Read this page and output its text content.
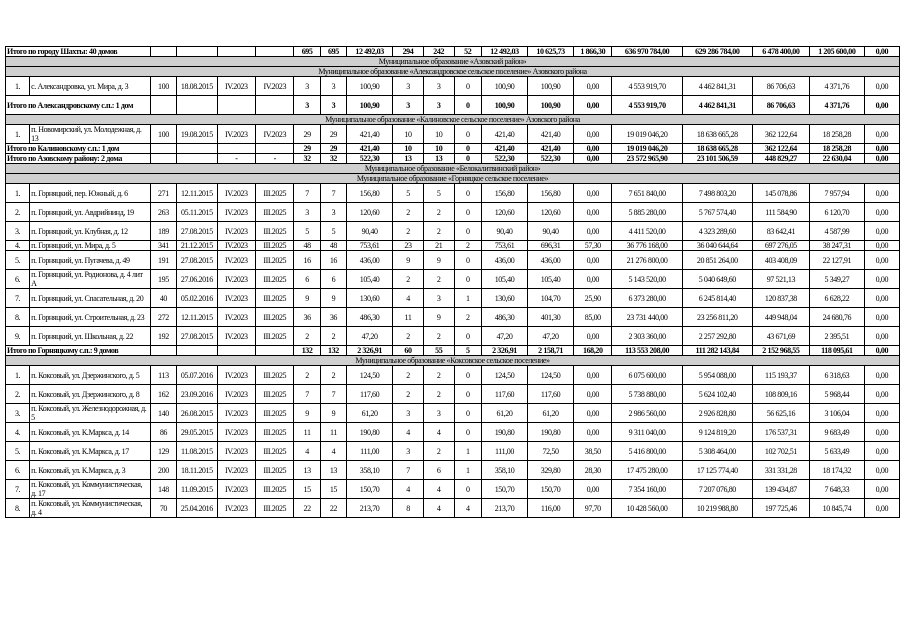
Итого по городу Шахты: 40 домов						695	695	12 492,03	294	242	52	12 492,03	10 625,73	1 866,30	636 970 784,00	629 286 784,00	6 478 400,00	1 205 600,00	0,00
Муниципальное образование «Азовский район»																			
Муниципальное образование «Александровское сельское поселение» Азовского района																			
1.	с. Александровка, ул. Мира, д. 3	100	18.08.2015	IV.2023	IV.2023	3	3	100,90	3	3	0	100,90	100,90	0,00	4 553 919,70	4 462 841,31	86 706,63	4 371,76	0,00
Итого по Александровскому с.п.: 1 дом						3	3	100,90	3	3	0	100,90	100,90	0,00	4 553 919,70	4 462 841,31	86 706,63	4 371,76	0,00
Муниципальное образование «Калиновское сельское поселение» Азовского района																			
1.	п. Новомирский, ул. Молодежная, д. 13	100	19.08.2015	IV.2023	IV.2023	29	29	421,40	10	10	0	421,40	421,40	0,00	19 019 046,20	18 638 665,28	362 122,64	18 258,28	0,00
Итого по Калиновскому с.п.: 1 дом						29	29	421,40	10	10	0	421,40	421,40	0,00	19 019 046,20	18 638 665,28	362 122,64	18 258,28	0,00
Итого по Азовскому району: 2 дома				-	-	32	32	522,30	13	13	0	522,30	522,30	0,00	23 572 965,90	23 101 506,59	448 829,27	22 630,04	0,00
Муниципальное образование «Белокалитвинский район»																			
Муниципальное образование «Горняцкое сельское поселение»																			
1.	п. Горняцкий, пер. Южный, д. 6	271	12.11.2015	IV.2023	III.2025	7	7	156,80	5	5	0	156,80	156,80	0,00	7 651 840,00	7 498 803,20	145 078,86	7 957,94	0,00
2.	п. Горняцкий, ул. Авдрийнинд, 19	263	05.11.2015	IV.2023	III.2025	3	3	120,60	2	2	0	120,60	120,60	0,00	5 885 280,00	5 767 574,40	111 584,90	6 120,70	0,00
3.	п. Горняцкий, ул. Клубная, д. 12	189	27.08.2015	IV.2023	III.2025	5	5	90,40	2	2	0	90,40	90,40	0,00	4 411 520,00	4 323 289,60	83 642,41	4 587,99	0,00
4.	п. Горняцкий, ул. Мира, д. 5	341	21.12.2015	IV.2023	III.2025	48	48	753,61	23	21	2	753,61	696,31	57,30	36 776 168,00	36 040 644,64	697 276,05	38 247,31	0,00
5.	п. Горняцкий, ул. Пугачева, д. 49	191	27.08.2015	IV.2023	III.2025	16	16	436,00	9	9	0	436,00	436,00	0,00	21 276 800,00	20 851 264,00	403 408,09	22 127,91	0,00
6.	п. Горняцкий, ул. Родионова, д. 4 лит А	195	27.06.2016	IV.2023	III.2025	6	6	105,40	2	2	0	105,40	105,40	0,00	5 143 520,00	5 040 649,60	97 521,13	5 349,27	0,00
7.	п. Горняцкий, ул. Спасательная, д. 20	40	05.02.2016	IV.2023	III.2025	9	9	130,60	4	3	1	130,60	104,70	25,90	6 373 280,00	6 245 814,40	120 837,38	6 628,22	0,00
8.	п. Горняцкий, ул. Строительная, д. 23	272	12.11.2015	IV.2023	III.2025	36	36	486,30	11	9	2	486,30	401,30	85,00	23 731 440,00	23 256 811,20	449 948,04	24 680,76	0,00
9.	п. Горняцкий, ул. Школьная, д. 22	192	27.08.2015	IV.2023	III.2025	2	2	47,20	2	2	0	47,20	47,20	0,00	2 303 360,00	2 257 292,80	43 671,69	2 395,51	0,00
Итого по Горняцкому с.п.: 9 домов						132	132	2 326,91	60	55	5	2 326,91	2 158,71	168,20	113 553 208,00	111 282 143,84	2 152 968,55	118 095,61	0,00
Муниципальное образование «Коксовское сельское поселение»																			
1.	п. Коксовый, ул. Дзержинского, д. 5	113	05.07.2016	IV.2023	III.2025	2	2	124,50	2	2	0	124,50	124,50	0,00	6 075 600,00	5 954 088,00	115 193,37	6 318,63	0,00
2.	п. Коксовый, ул. Дзержинского, д. 8	162	23.09.2016	IV.2023	III.2025	7	7	117,60	2	2	0	117,60	117,60	0,00	5 738 880,00	5 624 102,40	108 809,16	5 968,44	0,00
3.	п. Коксовый, ул. Железнодорожная, д. 5	140	26.08.2015	IV.2023	III.2025	9	9	61,20	3	3	0	61,20	61,20	0,00	2 986 560,00	2 926 828,80	56 625,16	3 106,04	0,00
4.	п. Коксовый, ул. К.Маркса, д. 14	86	29.05.2015	IV.2023	III.2025	11	11	190,80	4	4	0	190,80	190,80	0,00	9 311 040,00	9 124 819,20	176 537,31	9 683,49	0,00
5.	п. Коксовый, ул. К.Маркса, д. 17	129	11.08.2015	IV.2023	III.2025	4	4	111,00	3	2	1	111,00	72,50	38,50	5 416 800,00	5 308 464,00	102 702,51	5 633,49	0,00
6.	п. Коксовый, ул. К.Маркса, д. 3	200	18.11.2015	IV.2023	III.2025	13	13	358,10	7	6	1	358,10	329,80	28,30	17 475 280,00	17 125 774,40	331 331,28	18 174,32	0,00
7.	п. Коксовый, ул. Коммунистическая, д. 17	148	11.09.2015	IV.2023	III.2025	15	15	150,70	4	4	0	150,70	150,70	0,00	7 354 160,00	7 207 076,80	139 434,87	7 648,33	0,00
8.	п. Коксовый, ул. Коммунистическая, д. 4	70	25.04.2016	IV.2023	III.2025	22	22	213,70	8	4	4	213,70	116,00	97,70	10 428 560,00	10 219 988,80	197 725,46	10 845,74	0,00
